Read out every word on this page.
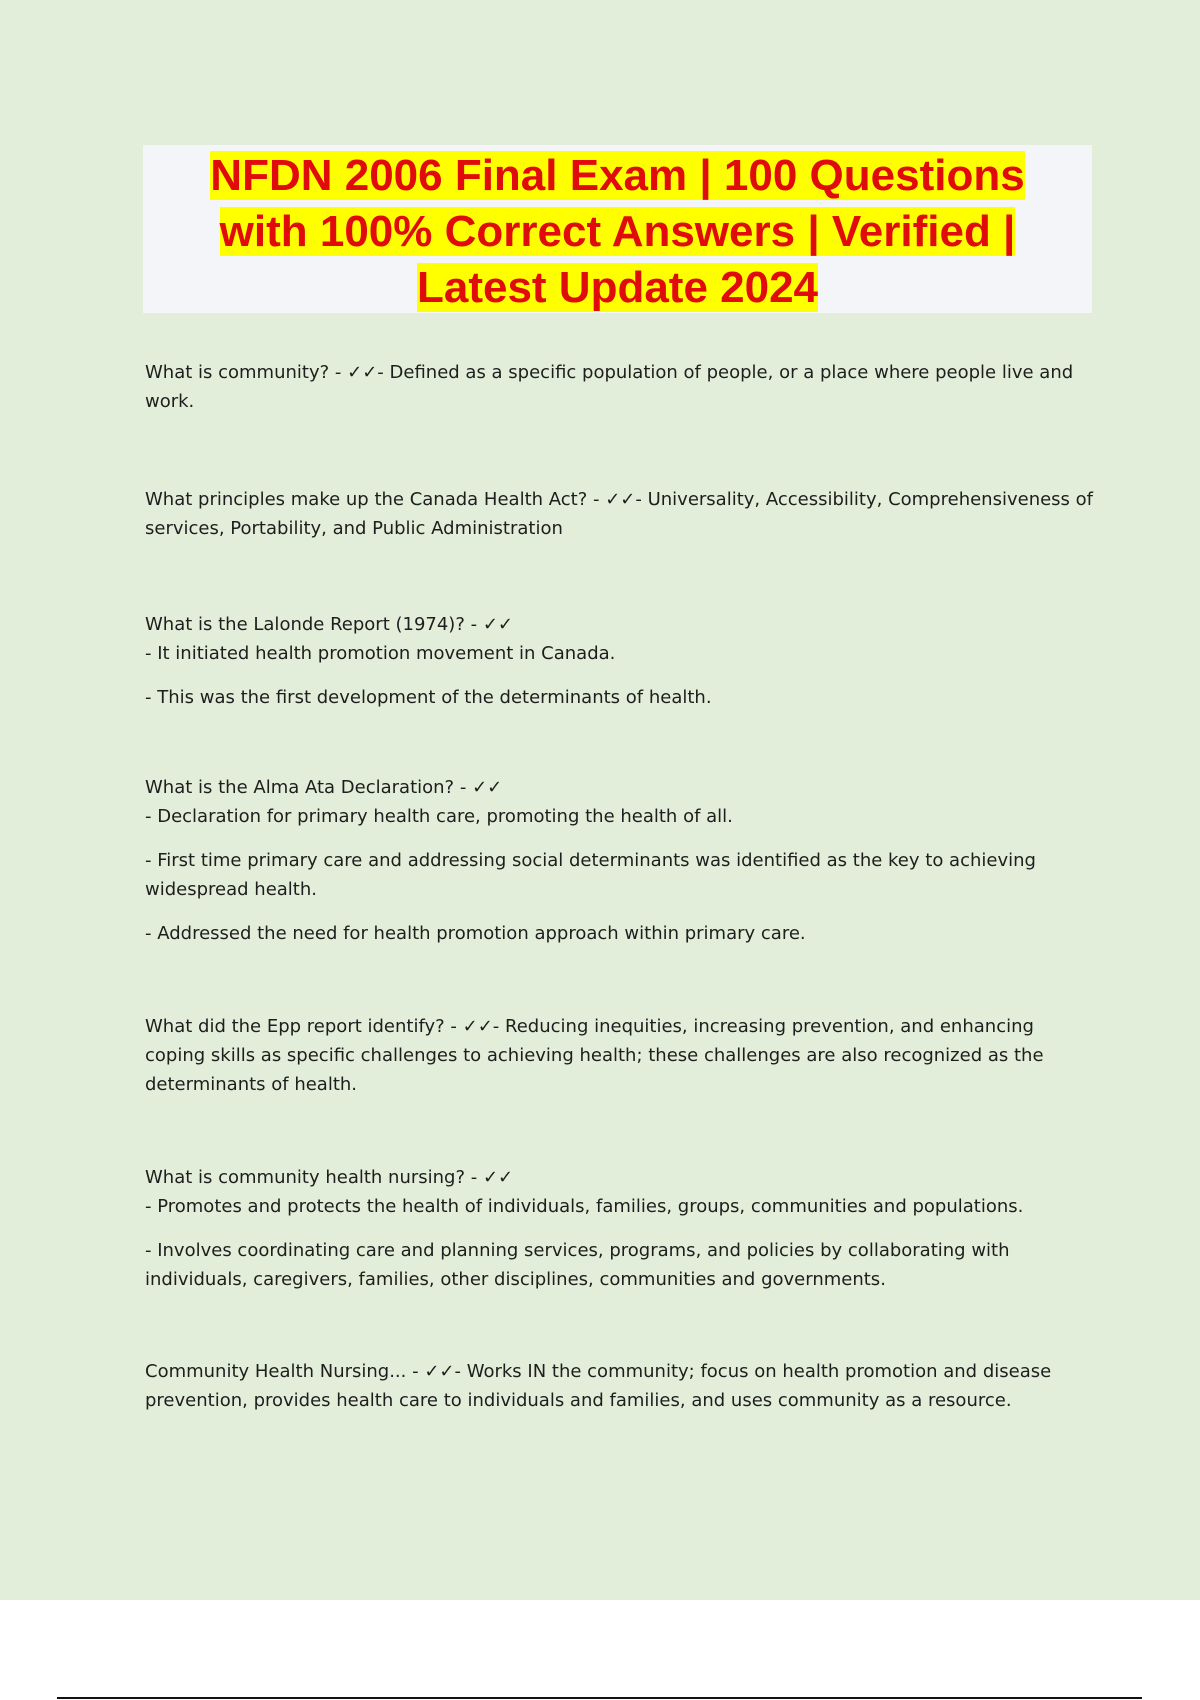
NFDN 2006 Final Exam | 100 Questions
with 100% Correct Answers | Verified |
Latest Update 2024

What is community? - ✓✓- Defined as a specific population of people, or a place where people live and work.

What principles make up the Canada Health Act? - ✓✓- Universality, Accessibility, Comprehensiveness of services, Portability, and Public Administration

What is the Lalonde Report (1974)? - ✓✓

- It initiated health promotion movement in Canada.

- This was the first development of the determinants of health.

What is the Alma Ata Declaration? - ✓✓

- Declaration for primary health care, promoting the health of all.

- First time primary care and addressing social determinants was identified as the key to achieving widespread health.

- Addressed the need for health promotion approach within primary care.

What did the Epp report identify? - ✓✓- Reducing inequities, increasing prevention, and enhancing coping skills as specific challenges to achieving health; these challenges are also recognized as the determinants of health.

What is community health nursing? - ✓✓

- Promotes and protects the health of individuals, families, groups, communities and populations.

- Involves coordinating care and planning services, programs, and policies by collaborating with individuals, caregivers, families, other disciplines, communities and governments.

Community Health Nursing... - ✓✓- Works IN the community; focus on health promotion and disease prevention, provides health care to individuals and families, and uses community as a resource.
